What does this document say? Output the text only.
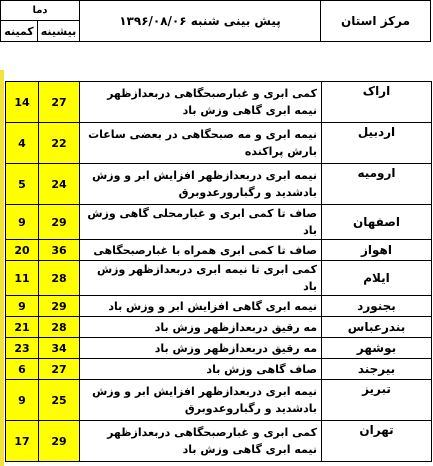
مرکز استان
پیش بینی شنبه ۱۳۹۶/۰۸/۰۶
دما
بیشینه
کمینه
14	27	کمی ابری و غبارصبحگاهی دربعدازظهر نیمه ابری گاهی وزش باد	اراک
4	22	نیمه ابری و مه صبحگاهی در بعضی ساعات بارش پراکنده	اردبیل
5	24	نیمه ابری دربعدازظهر افزایش ابر و وزش بادشدید و رگبارورعدوبرق	ارومیه
9	29	صاف تا کمی ابری و غبارمحلی گاهی وزش باد	اصفهان
20	36	صاف تا کمی ابری همراه با غبارصبحگاهی	اهواز
11	28	کمی ابری تا نیمه ابری دربعدازظهر وزش باد	ایلام
9	29	نیمه ابری گاهی افزایش ابر و وزش باد	بجنورد
21	28	مه رقیق دربعدازظهر وزش باد	بندرعباس
23	34	مه رقیق دربعدازظهر وزش باد	بوشهر
6	27	صاف گاهی وزش باد	بیرجند
9	25	نیمه ابری دربعدازظهر افزایش ابر و وزش بادشدید و رگباروعدوبرق	تبریز
17	29	کمی ابری و غبارصبحگاهی دربعدازظهر نیمه ابری گاهی وزش باد	تهران
